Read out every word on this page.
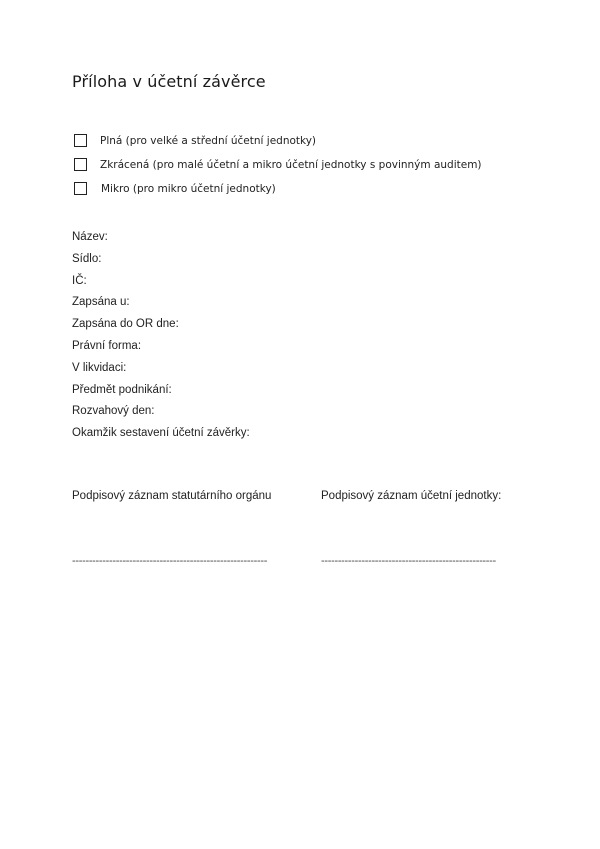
Příloha v účetní závěrce
Plná (pro velké a střední účetní jednotky)
Zkrácená (pro malé účetní a mikro účetní jednotky s povinným auditem)
Mikro (pro mikro účetní jednotky)
Název:
Sídlo:
IČ:
Zapsána u:
Zapsána do OR dne:
Právní forma:
V likvidaci:
Předmět podnikání:
Rozvahový den:
Okamžik sestavení účetní závěrky:
Podpisový záznam statutárního orgánu
----------------------------------------------------------
Podpisový záznam účetní jednotky:
----------------------------------------------------
